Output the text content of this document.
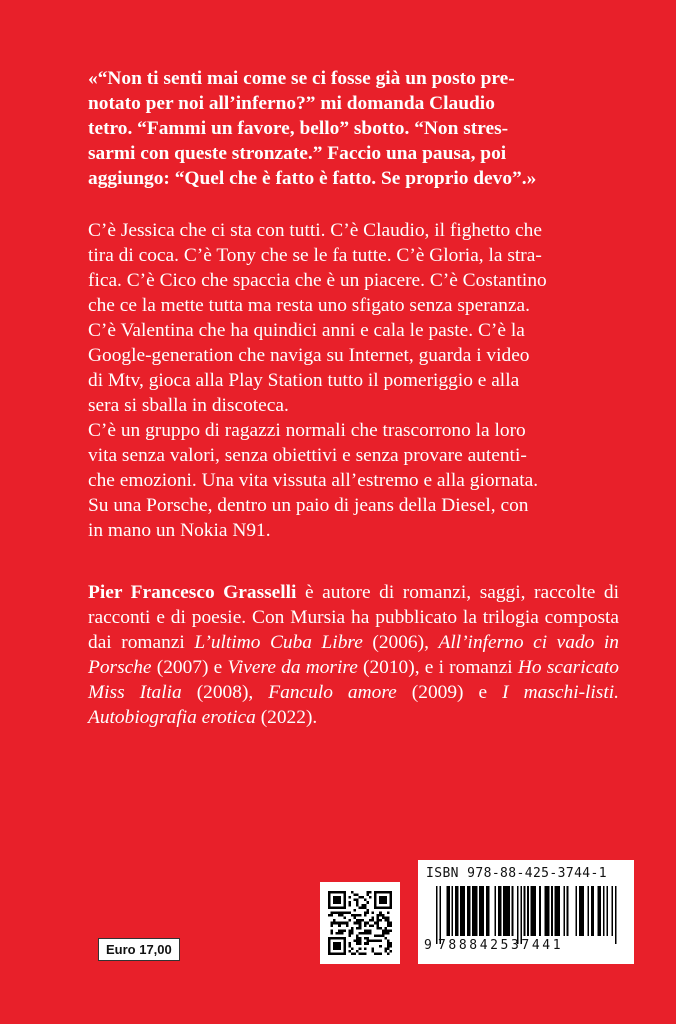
«“Non ti senti mai come se ci fosse già un posto pre-
notato per noi all’inferno?” mi domanda Claudio
tetro. “Fammi un favore, bello” sbotto. “Non stres-
sarmi con queste stronzate.” Faccio una pausa, poi
aggiungo: “Quel che è fatto è fatto. Se proprio devo”.»
C’è Jessica che ci sta con tutti. C’è Claudio, il fighetto che
tira di coca. C’è Tony che se le fa tutte. C’è Gloria, la stra-
fica. C’è Cico che spaccia che è un piacere. C’è Costantino
che ce la mette tutta ma resta uno sfigato senza speranza.
C’è Valentina che ha quindici anni e cala le paste. C’è la
Google-generation che naviga su Internet, guarda i video
di Mtv, gioca alla Play Station tutto il pomeriggio e alla
sera si sballa in discoteca.
C’è un gruppo di ragazzi normali che trascorrono la loro
vita senza valori, senza obiettivi e senza provare autenti-
che emozioni. Una vita vissuta all’estremo e alla giornata.
Su una Porsche, dentro un paio di jeans della Diesel, con
in mano un Nokia N91.
Pier Francesco Grasselli è autore di romanzi, saggi, raccolte di racconti e di poesie. Con Mursia ha pubblicato la trilogia composta dai romanzi L’ultimo Cuba Libre (2006), All’inferno ci vado in Porsche (2007) e Vivere da morire (2010), e i romanzi Ho scaricato Miss Italia (2008), Fanculo amore (2009) e I maschi-listi. Autobiografia erotica (2022).
Euro 17,00
ISBN 978-88-425-3744-1
9 788842537441
